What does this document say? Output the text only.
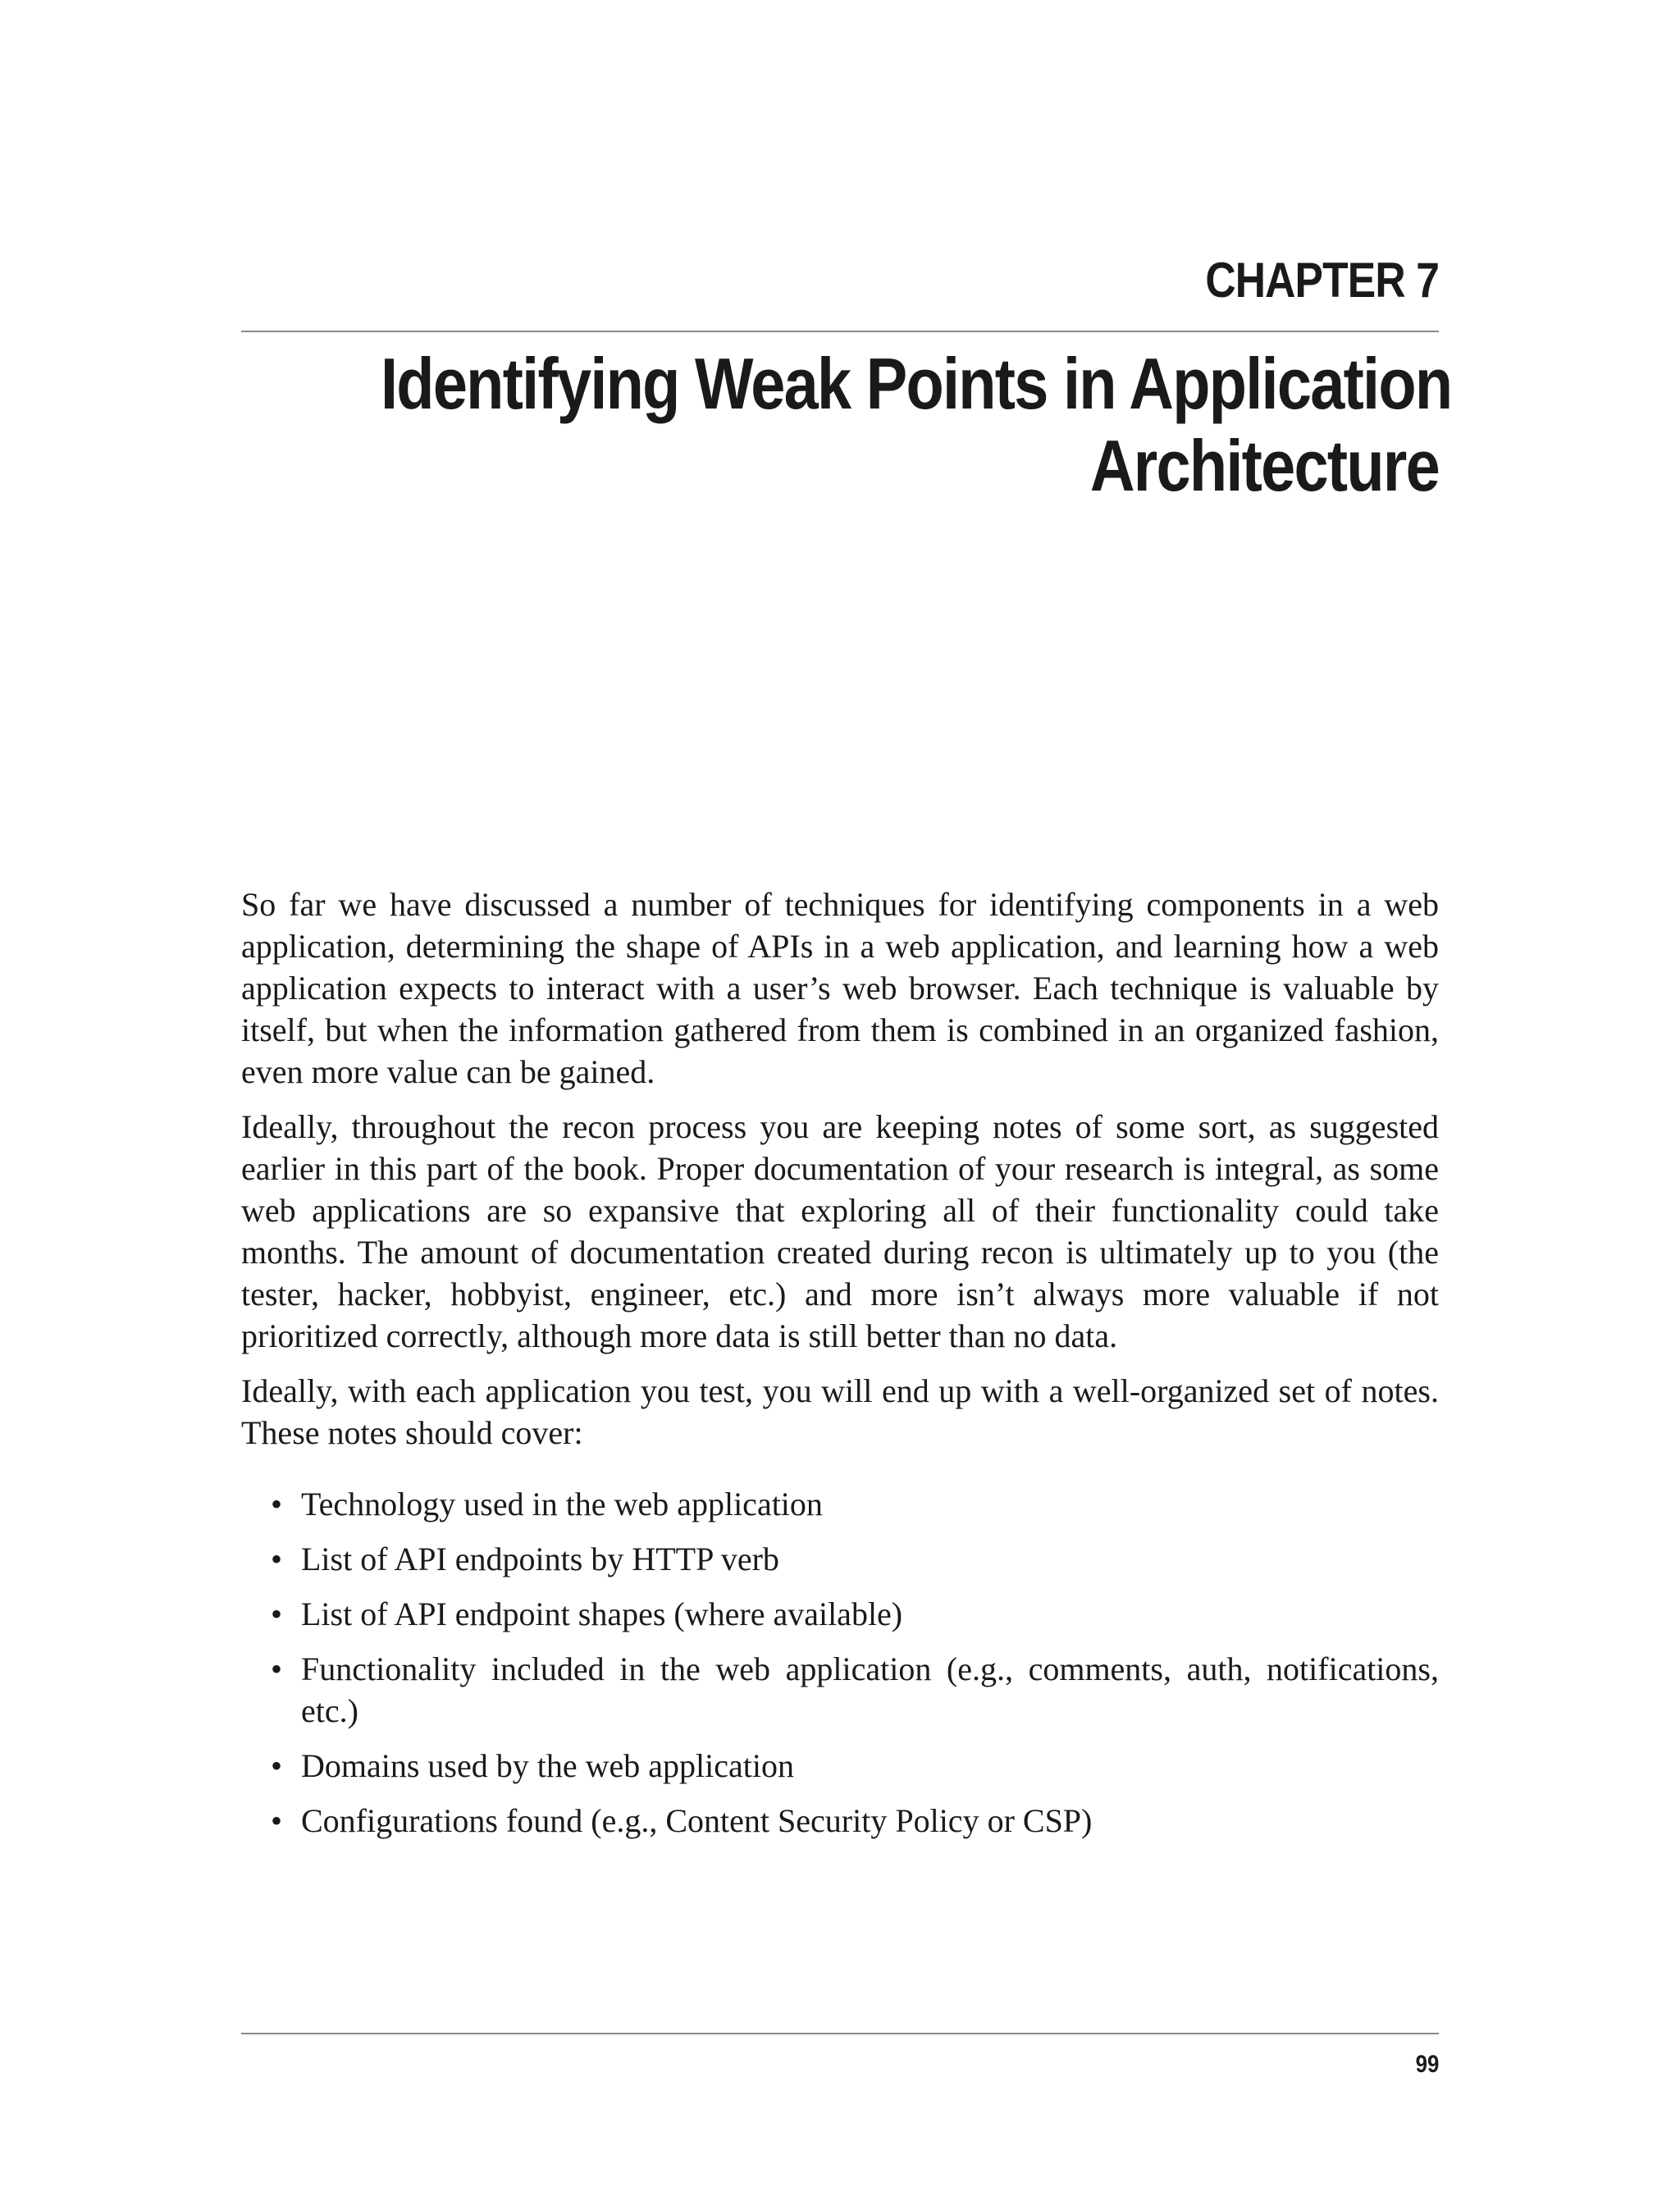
CHAPTER 7
Identifying Weak Points in Application
Architecture

So far we have discussed a number of techniques for identifying components in a web application, determining the shape of APIs in a web application, and learning how a web application expects to interact with a user’s web browser. Each technique is valuable by itself, but when the information gathered from them is combined in an organized fashion, even more value can be gained.

Ideally, throughout the recon process you are keeping notes of some sort, as suggested earlier in this part of the book. Proper documentation of your research is integral, as some web applications are so expansive that exploring all of their functionality could take months. The amount of documentation created during recon is ultimately up to you (the tester, hacker, hobbyist, engineer, etc.) and more isn’t always more valuable if not prioritized correctly, although more data is still better than no data.

Ideally, with each application you test, you will end up with a well-organized set of notes. These notes should cover:

• Technology used in the web application
• List of API endpoints by HTTP verb
• List of API endpoint shapes (where available)
• Functionality included in the web application (e.g., comments, auth, notifications, etc.)
• Domains used by the web application
• Configurations found (e.g., Content Security Policy or CSP)
99
